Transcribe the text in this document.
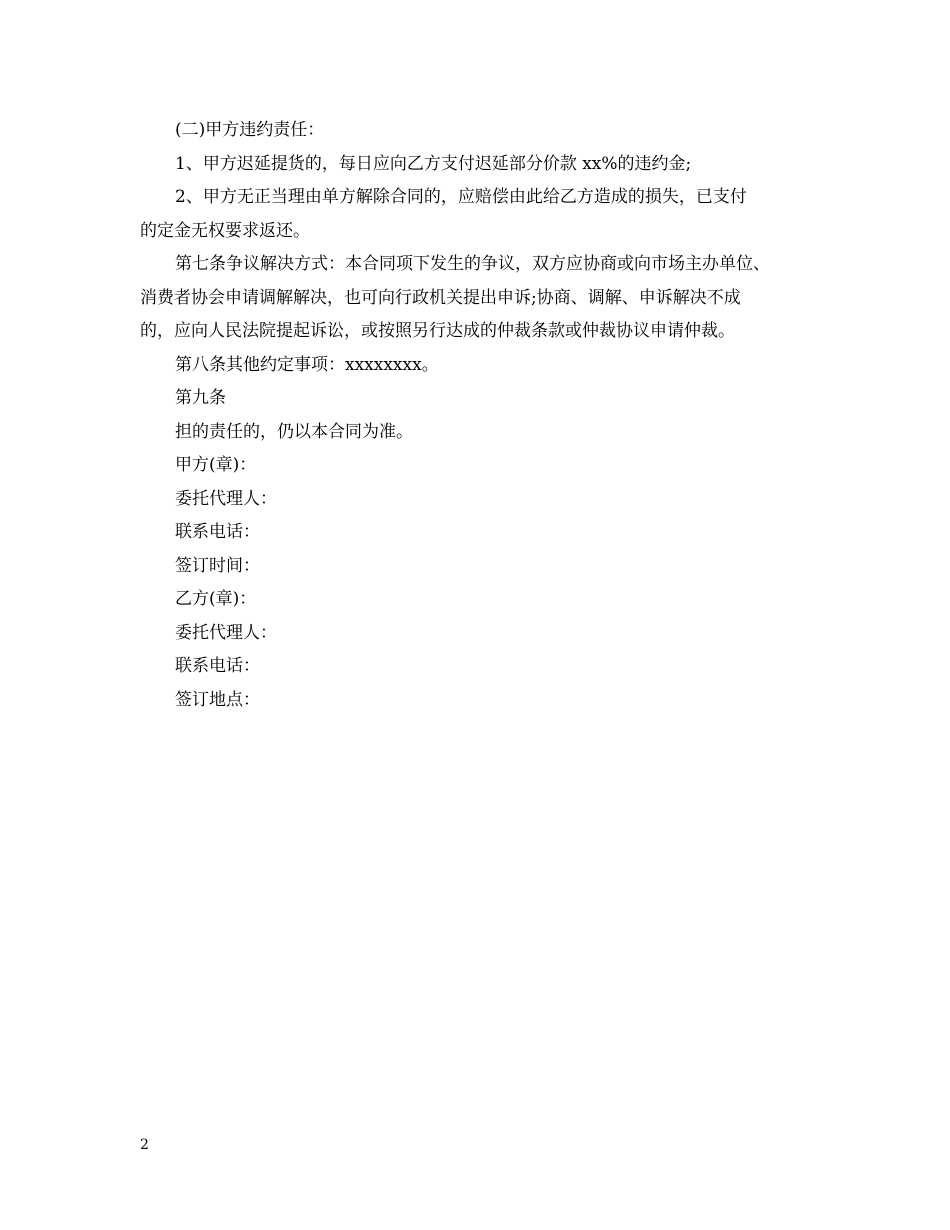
(二)甲方违约责任：

1、甲方迟延提货的，每日应向乙方支付迟延部分价款 xx%的违约金;

2、甲方无正当理由单方解除合同的，应赔偿由此给乙方造成的损失，已支付
的定金无权要求返还。

第七条争议解决方式：本合同项下发生的争议，双方应协商或向市场主办单位、
消费者协会申请调解解决，也可向行政机关提出申诉;协商、调解、申诉解决不成
的，应向人民法院提起诉讼，或按照另行达成的仲裁条款或仲裁协议申请仲裁。

第八条其他约定事项：xxxxxxxx。

第九条

担的责任的，仍以本合同为准。

甲方(章)：

委托代理人：

联系电话：

签订时间：

乙方(章)：

委托代理人：

联系电话：

签订地点：

2
